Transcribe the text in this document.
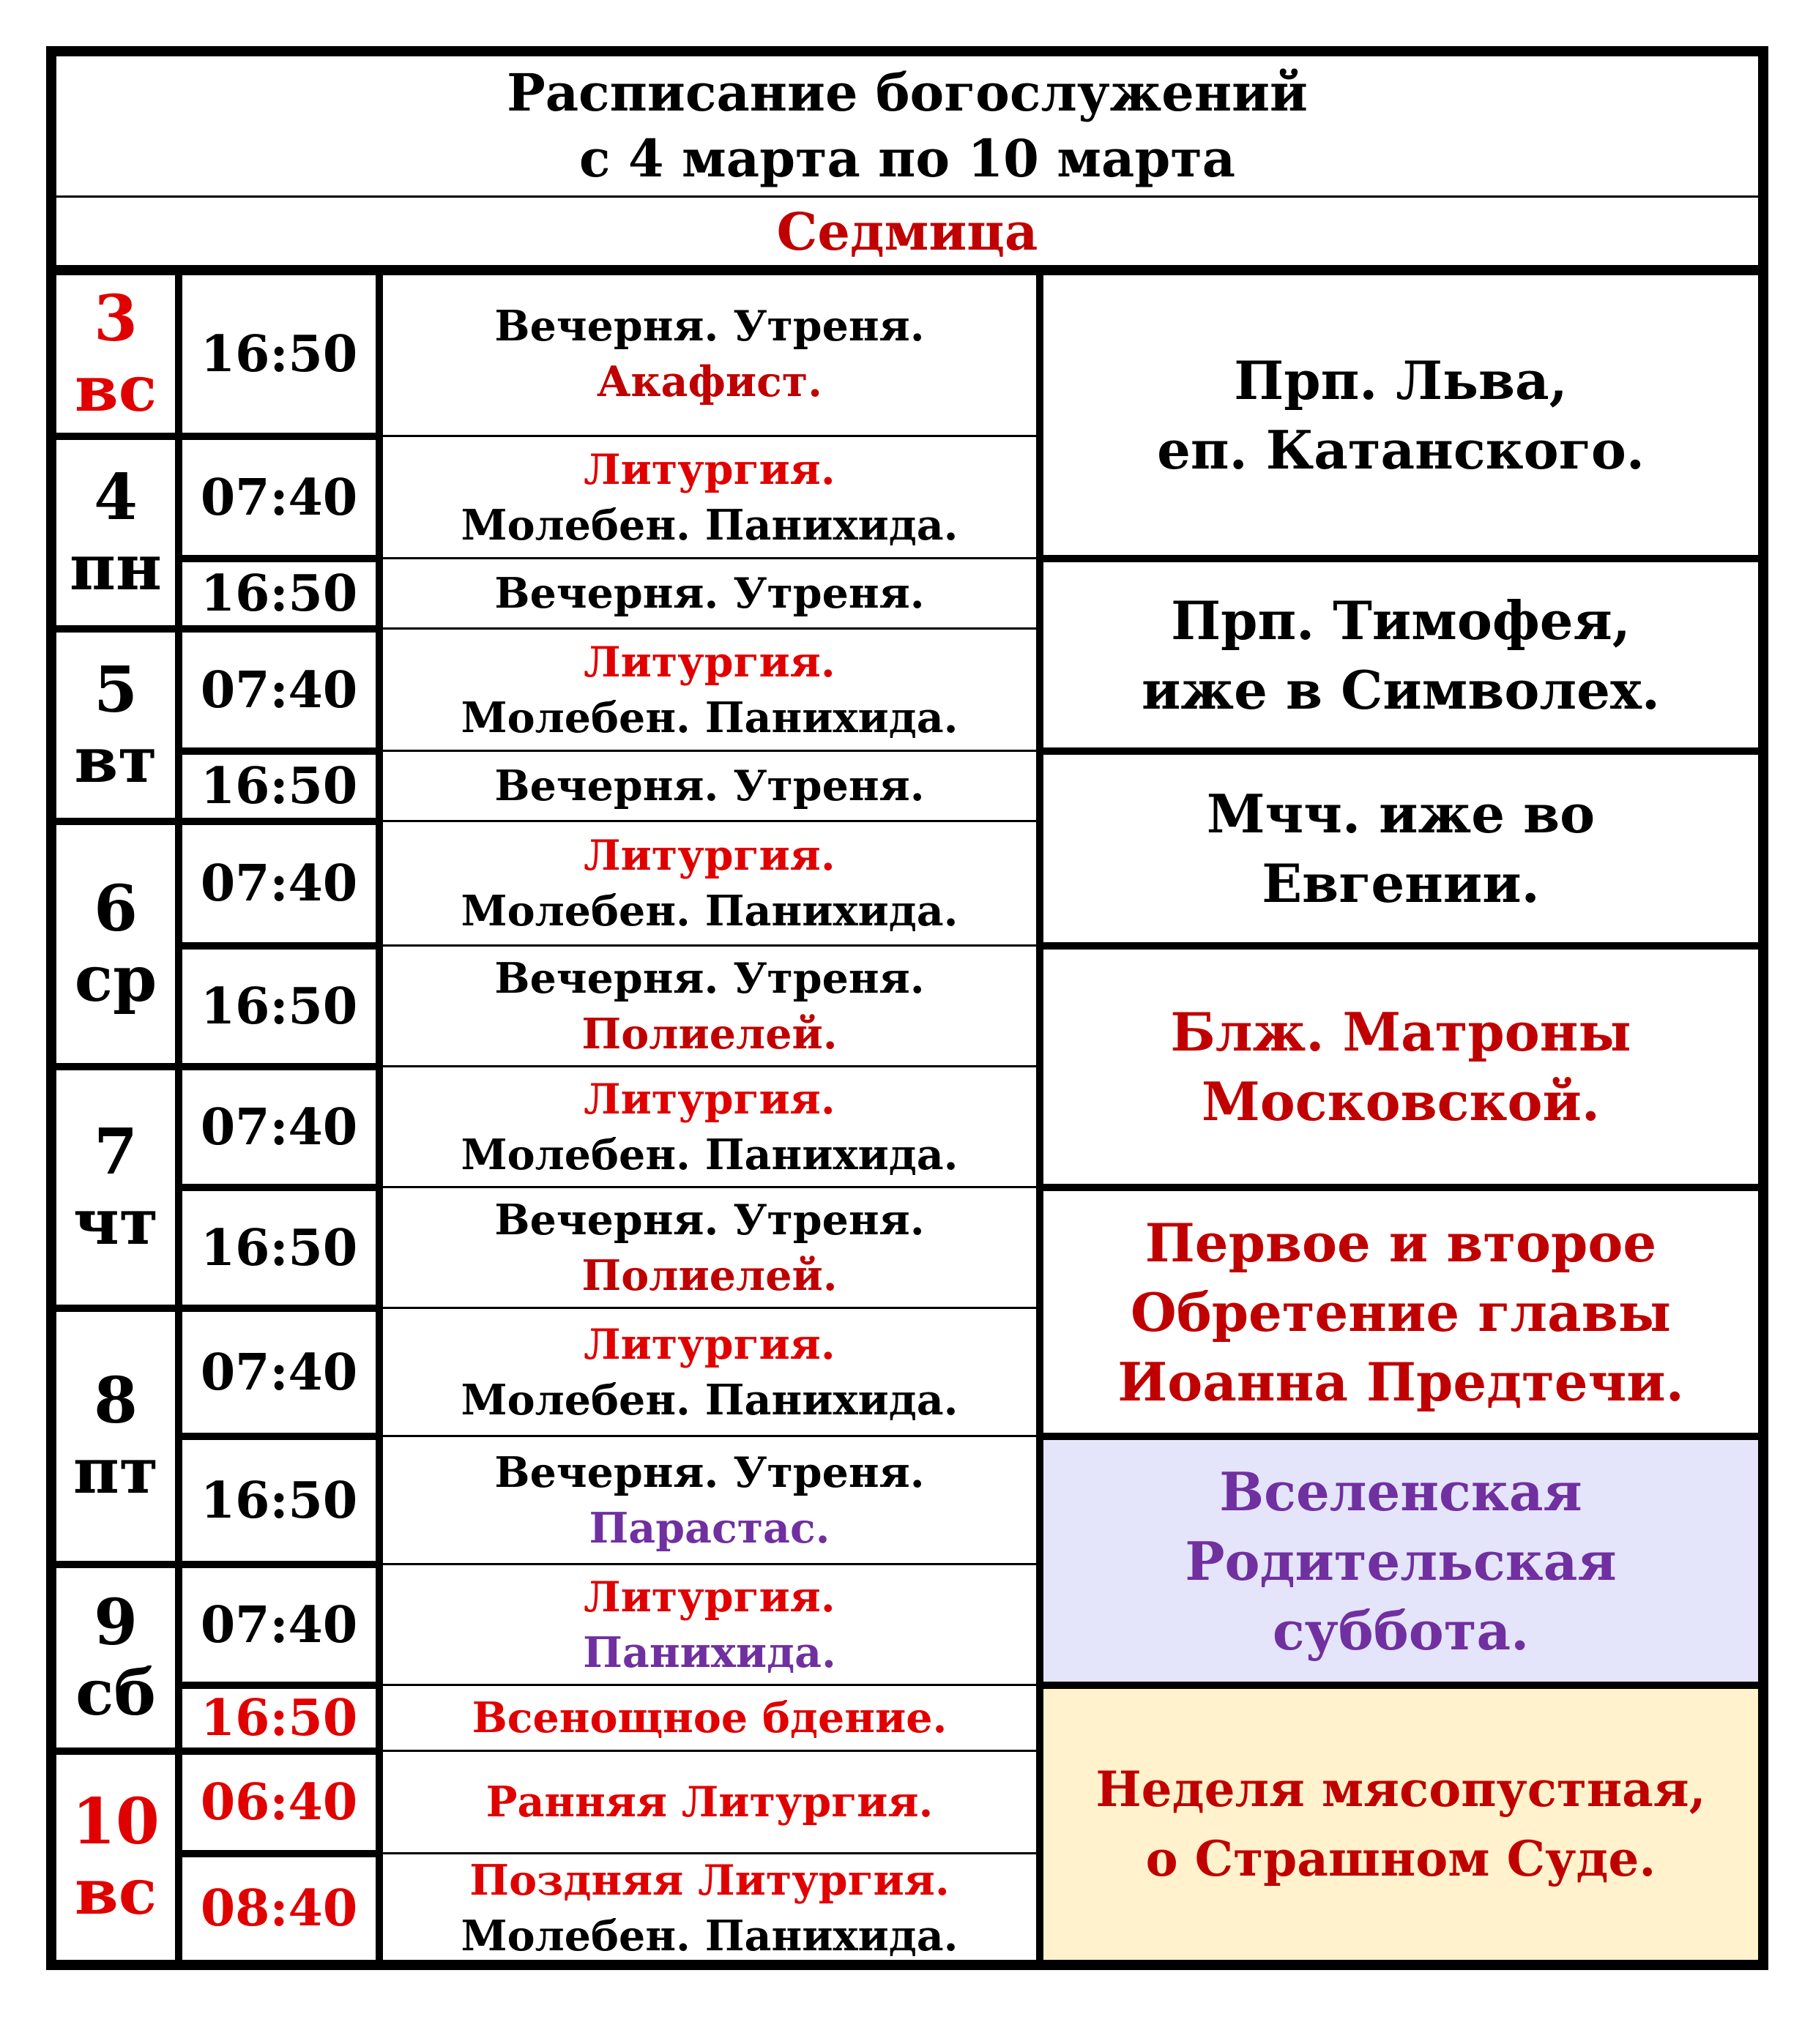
Расписание богослужений
с 4 марта по 10 марта
Седмица
3
вс
4
пн
5
вт
6
ср
7
чт
8
пт
9
сб
10
вс
16:50
07:40
16:50
07:40
16:50
07:40
16:50
07:40
16:50
07:40
16:50
07:40
16:50
06:40
08:40
Вечерня. Утреня.
Акафист.
Литургия.
Молебен. Панихида.
Вечерня. Утреня.
Литургия.
Молебен. Панихида.
Вечерня. Утреня.
Литургия.
Молебен. Панихида.
Вечерня. Утреня.
Полиелей.
Литургия.
Молебен. Панихида.
Вечерня. Утреня.
Полиелей.
Литургия.
Молебен. Панихида.
Вечерня. Утреня.
Парастас.
Литургия.
Панихида.
Всенощное бдение.
Ранняя Литургия.
Поздняя Литургия.
Молебен. Панихида.
Прп. Льва,
еп. Катанского.
Прп. Тимофея,
иже в Символех.
Мчч. иже во
Евгении.
Блж. Матроны
Московской.
Первое и второе
Обретение главы
Иоанна Предтечи.
Вселенская
Родительская
суббота.
Неделя мясопустная,
о Страшном Суде.
